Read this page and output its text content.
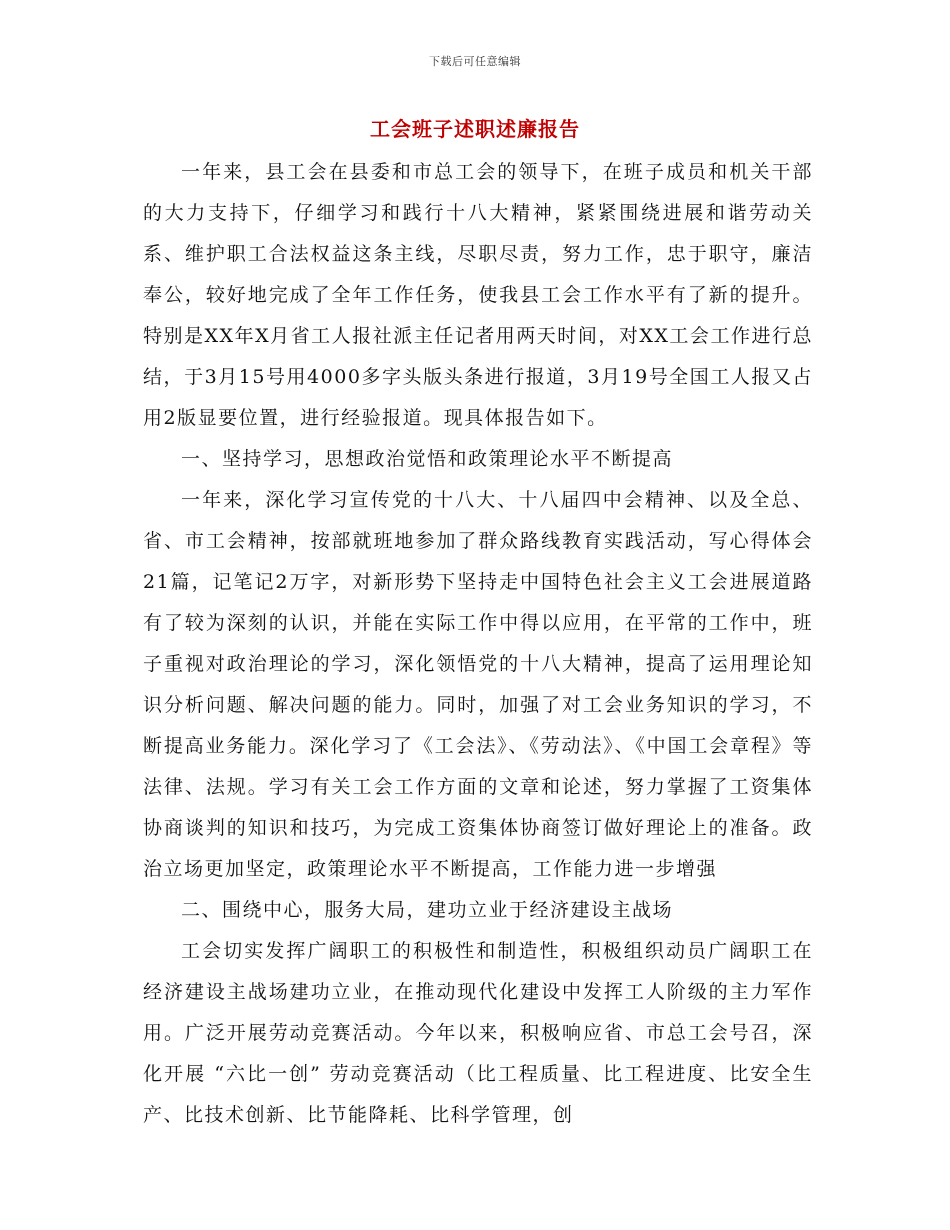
下载后可任意编辑
工会班子述职述廉报告

一年来，县工会在县委和市总工会的领导下，在班子成员和机关干部的大力支持下，仔细学习和践行十八大精神，紧紧围绕进展和谐劳动关系、维护职工合法权益这条主线，尽职尽责，努力工作，忠于职守，廉洁奉公，较好地完成了全年工作任务，使我县工会工作水平有了新的提升。特别是XX年X月省工人报社派主任记者用两天时间，对XX工会工作进行总结，于3月15号用4000多字头版头条进行报道，3月19号全国工人报又占用2版显要位置，进行经验报道。现具体报告如下。

一、坚持学习，思想政治觉悟和政策理论水平不断提高

一年来，深化学习宣传党的十八大、十八届四中会精神、以及全总、省、市工会精神，按部就班地参加了群众路线教育实践活动，写心得体会21篇，记笔记2万字，对新形势下坚持走中国特色社会主义工会进展道路有了较为深刻的认识，并能在实际工作中得以应用，在平常的工作中，班子重视对政治理论的学习，深化领悟党的十八大精神，提高了运用理论知识分析问题、解决问题的能力。同时，加强了对工会业务知识的学习，不断提高业务能力。深化学习了《工会法》、《劳动法》、《中国工会章程》等法律、法规。学习有关工会工作方面的文章和论述，努力掌握了工资集体协商谈判的知识和技巧，为完成工资集体协商签订做好理论上的准备。政治立场更加坚定，政策理论水平不断提高，工作能力进一步增强

二、围绕中心，服务大局，建功立业于经济建设主战场

工会切实发挥广阔职工的积极性和制造性，积极组织动员广阔职工在经济建设主战场建功立业，在推动现代化建设中发挥工人阶级的主力军作用。广泛开展劳动竞赛活动。今年以来，积极响应省、市总工会号召，深化开展 “六比一创” 劳动竞赛活动（比工程质量、比工程进度、比安全生产、比技术创新、比节能降耗、比科学管理，创
